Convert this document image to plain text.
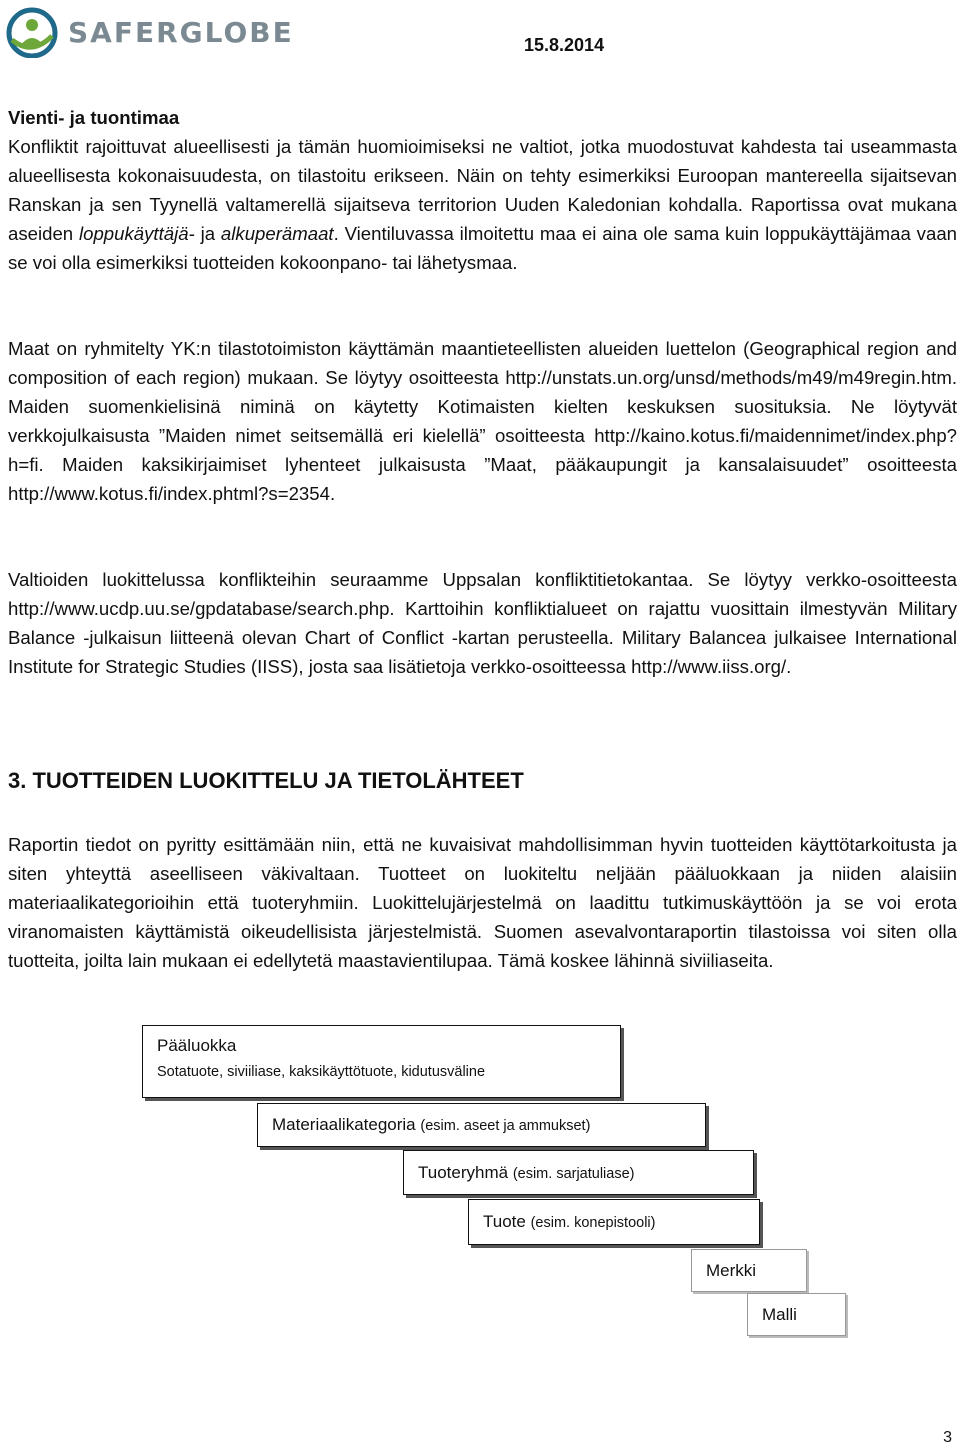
SAFERGLOBE	15.8.2014
Vienti- ja tuontimaa
Konfliktit rajoittuvat alueellisesti ja tämän huomioimiseksi ne valtiot, jotka muodostuvat kahdesta tai useammasta alueellisesta kokonaisuudesta, on tilastoitu erikseen. Näin on tehty esimerkiksi Euroopan mantereella sijaitsevan Ranskan ja sen Tyynellä valtamerellä sijaitseva territorion Uuden Kaledonian kohdalla. Raportissa ovat mukana aseiden loppukäyttäjä- ja alkuperämaat. Vientiluvassa ilmoitettu maa ei aina ole sama kuin loppukäyttäjämaa vaan se voi olla esimerkiksi tuotteiden kokoonpano- tai lähetysmaa.

Maat on ryhmitelty YK:n tilastotoimiston käyttämän maantieteellisten alueiden luettelon (Geographical region and composition of each region) mukaan. Se löytyy osoitteesta http://unstats.un.org/unsd/methods/m49/m49regin.htm. Maiden suomenkielisinä niminä on käytetty Kotimaisten kielten keskuksen suosituksia. Ne löytyvät verkkojulkaisusta ”Maiden nimet seitsemällä eri kielellä” osoitteesta http://kaino.kotus.fi/maidennimet/index.php?h=fi. Maiden kaksikirjaimiset lyhenteet julkaisusta ”Maat, pääkaupungit ja kansalaisuudet” osoitteesta http://www.kotus.fi/index.phtml?s=2354.

Valtioiden luokittelussa konflikteihin seuraamme Uppsalan konfliktitietokantaa. Se löytyy verkko-osoitteesta http://www.ucdp.uu.se/gpdatabase/search.php. Karttoihin konfliktialueet on rajattu vuosittain ilmestyvän Military Balance -julkaisun liitteenä olevan Chart of Conflict -kartan perusteella. Military Balancea julkaisee International Institute for Strategic Studies (IISS), josta saa lisätietoja verkko-osoitteessa http://www.iiss.org/.

3. TUOTTEIDEN LUOKITTELU JA TIETOLÄHTEET

Raportin tiedot on pyritty esittämään niin, että ne kuvaisivat mahdollisimman hyvin tuotteiden käyttötarkoitusta ja siten yhteyttä aseelliseen väkivaltaan. Tuotteet on luokiteltu neljään pääluokkaan ja niiden alaisiin materiaalikategorioihin että tuoteryhmiin. Luokittelujärjestelmä on laadittu tutkimuskäyttöön ja se voi erota viranomaisten käyttämistä oikeudellisista järjestelmistä. Suomen asevalvontaraportin tilastoissa voi siten olla tuotteita, joilta lain mukaan ei edellytetä maastavientilupaa. Tämä koskee lähinnä siviiliaseita.

Pääluokka
Sotatuote, siviiliase, kaksikäyttötuote, kidutusväline
Materiaalikategoria (esim. aseet ja ammukset)
Tuoteryhmä (esim. sarjatuliase)
Tuote (esim. konepistooli)
Merkki
Malli
3
